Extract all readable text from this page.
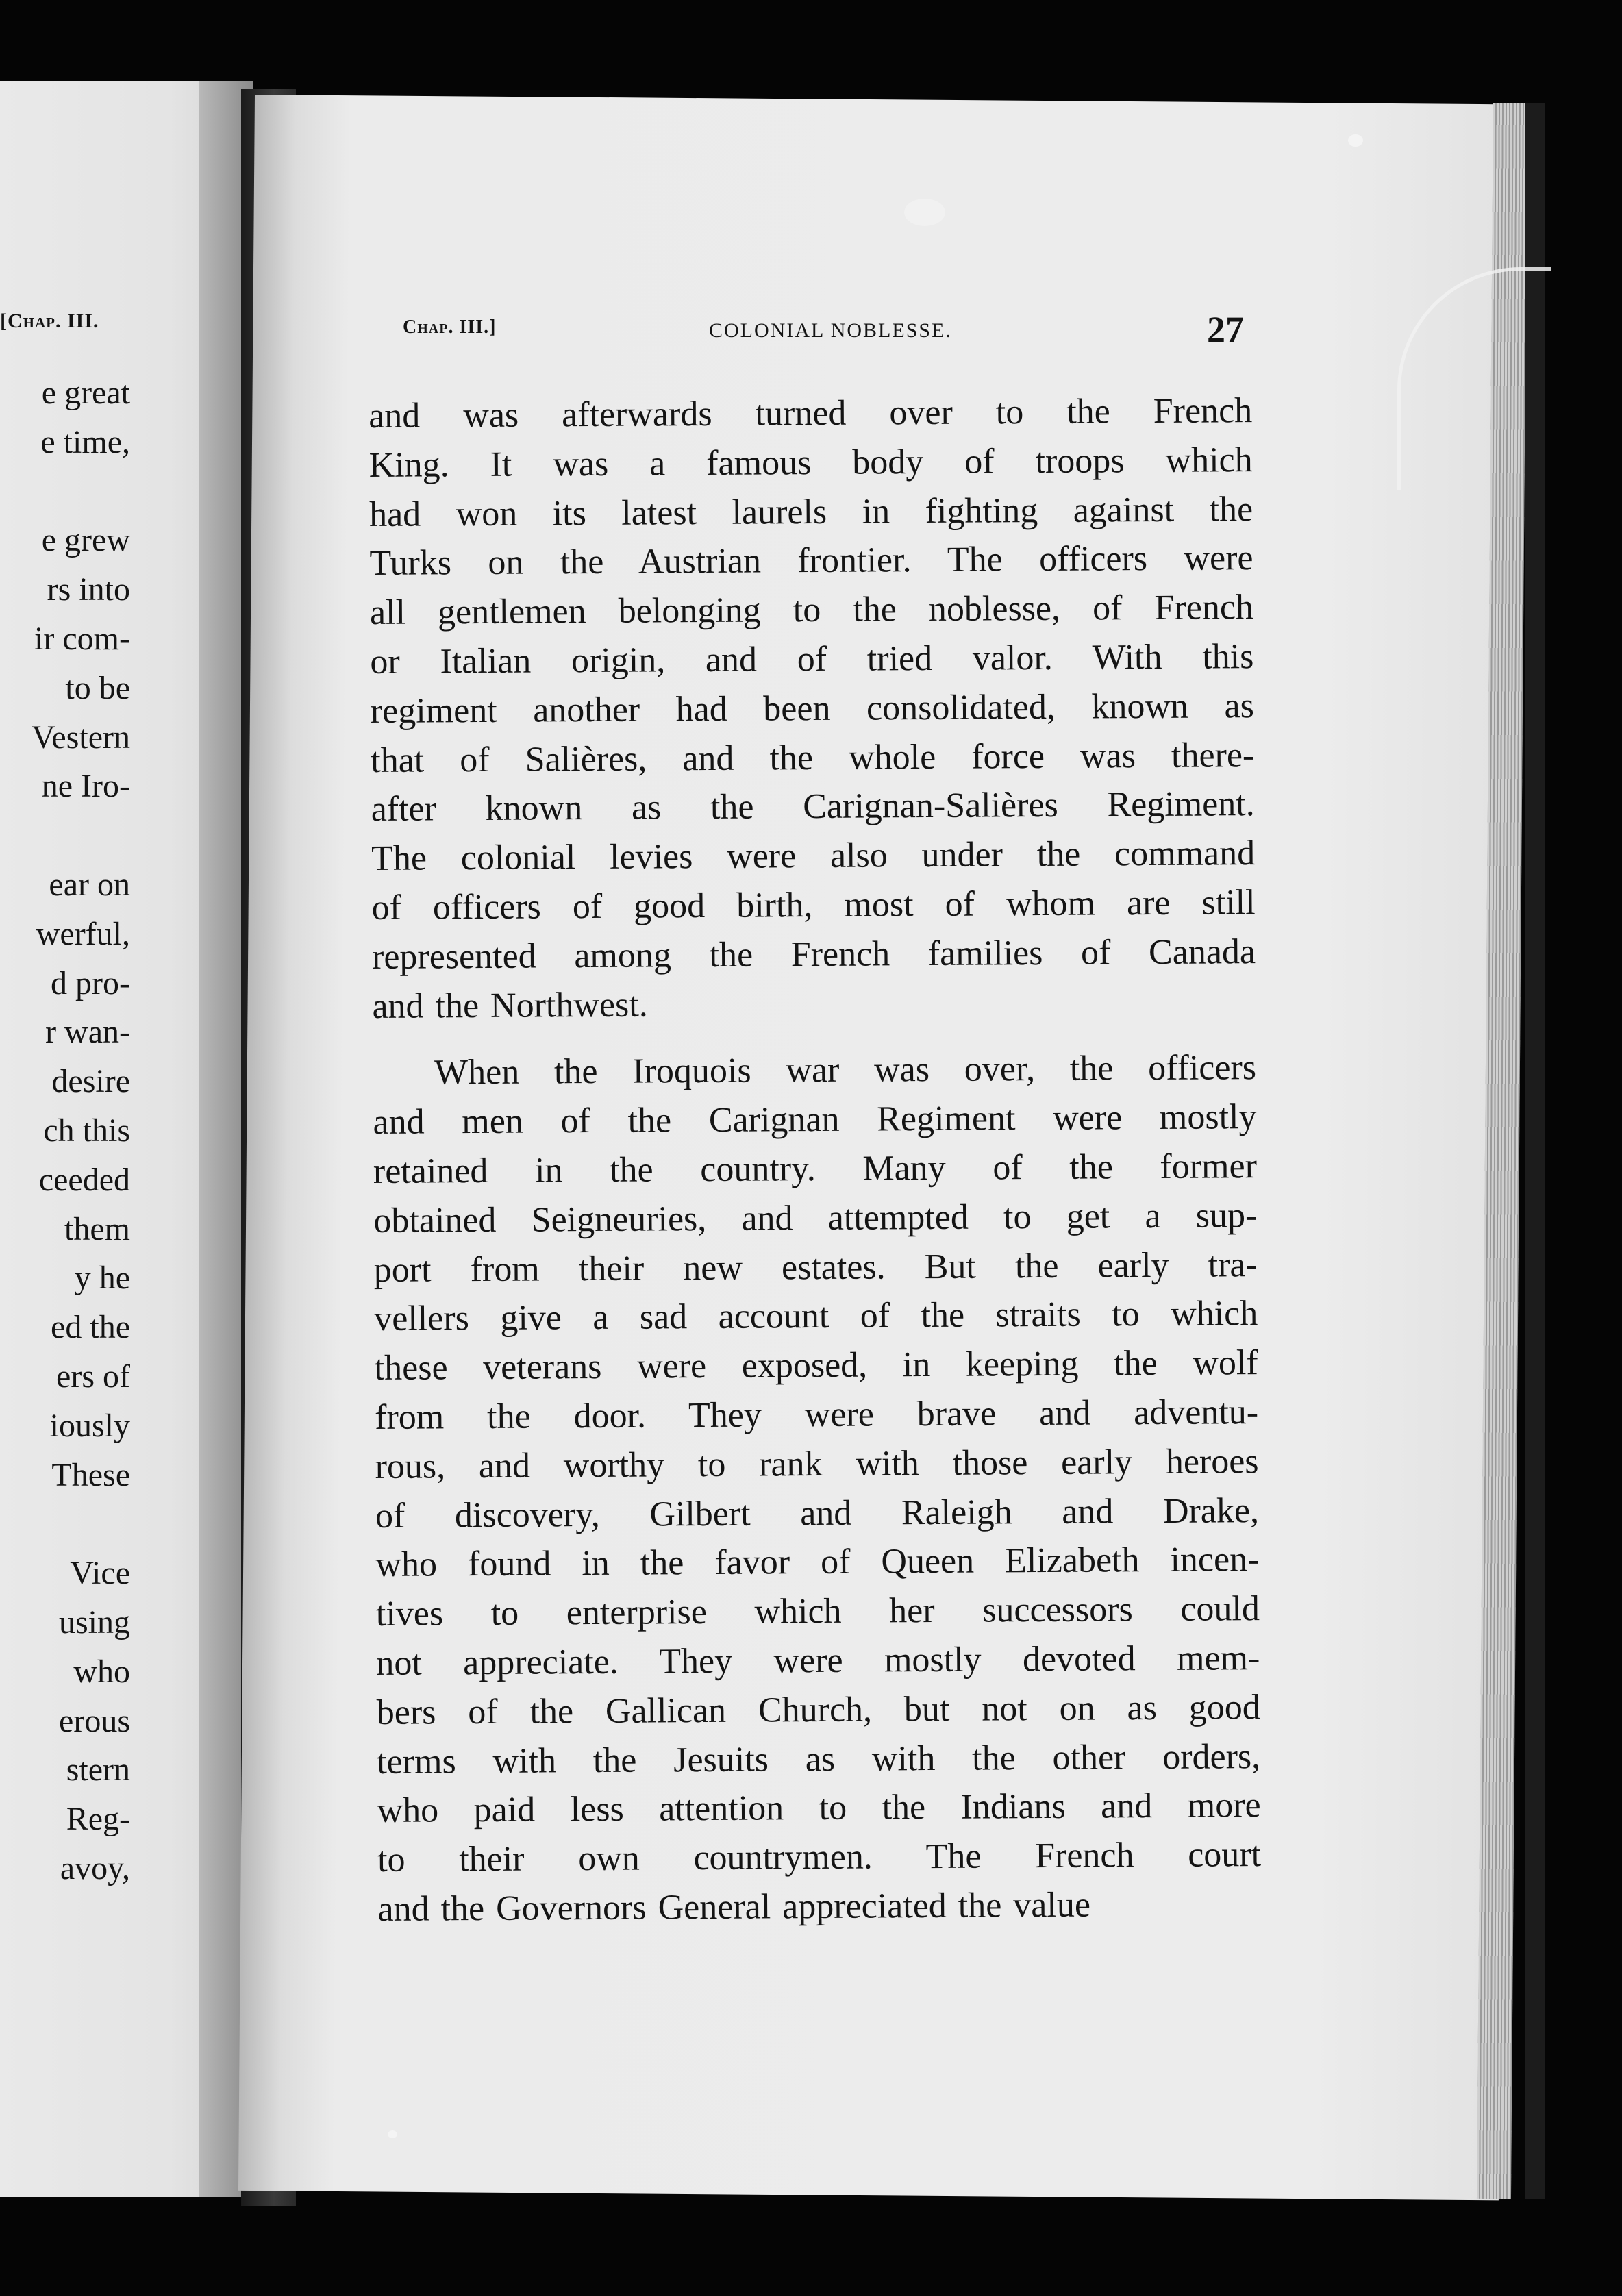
[Chap. III.
e great
e time,
e grew
rs into
ir com-
to be
Vestern
ne Iro-
ear on
werful,
d pro-
r wan-
desire
ch this
ceeded
them
y he
ed the
ers of
iously
These
Vice
using
who
erous
stern
Reg-
avoy,
Chap. III.]	COLONIAL NOBLESSE.	27
and was afterwards turned over to the French
King. It was a famous body of troops which
had won its latest laurels in fighting against the
Turks on the Austrian frontier. The officers were
all gentlemen belonging to the noblesse, of French
or Italian origin, and of tried valor. With this
regiment another had been consolidated, known as
that of Salières, and the whole force was there-
after known as the Carignan-Salières Regiment.
The colonial levies were also under the command
of officers of good birth, most of whom are still
represented among the French families of Canada
and the Northwest.
When the Iroquois war was over, the officers
and men of the Carignan Regiment were mostly
retained in the country. Many of the former
obtained Seigneuries, and attempted to get a sup-
port from their new estates. But the early tra-
vellers give a sad account of the straits to which
these veterans were exposed, in keeping the wolf
from the door. They were brave and adventu-
rous, and worthy to rank with those early heroes
of discovery, Gilbert and Raleigh and Drake,
who found in the favor of Queen Elizabeth incen-
tives to enterprise which her successors could
not appreciate. They were mostly devoted mem-
bers of the Gallican Church, but not on as good
terms with the Jesuits as with the other orders,
who paid less attention to the Indians and more
to their own countrymen. The French court
and the Governors General appreciated the value
